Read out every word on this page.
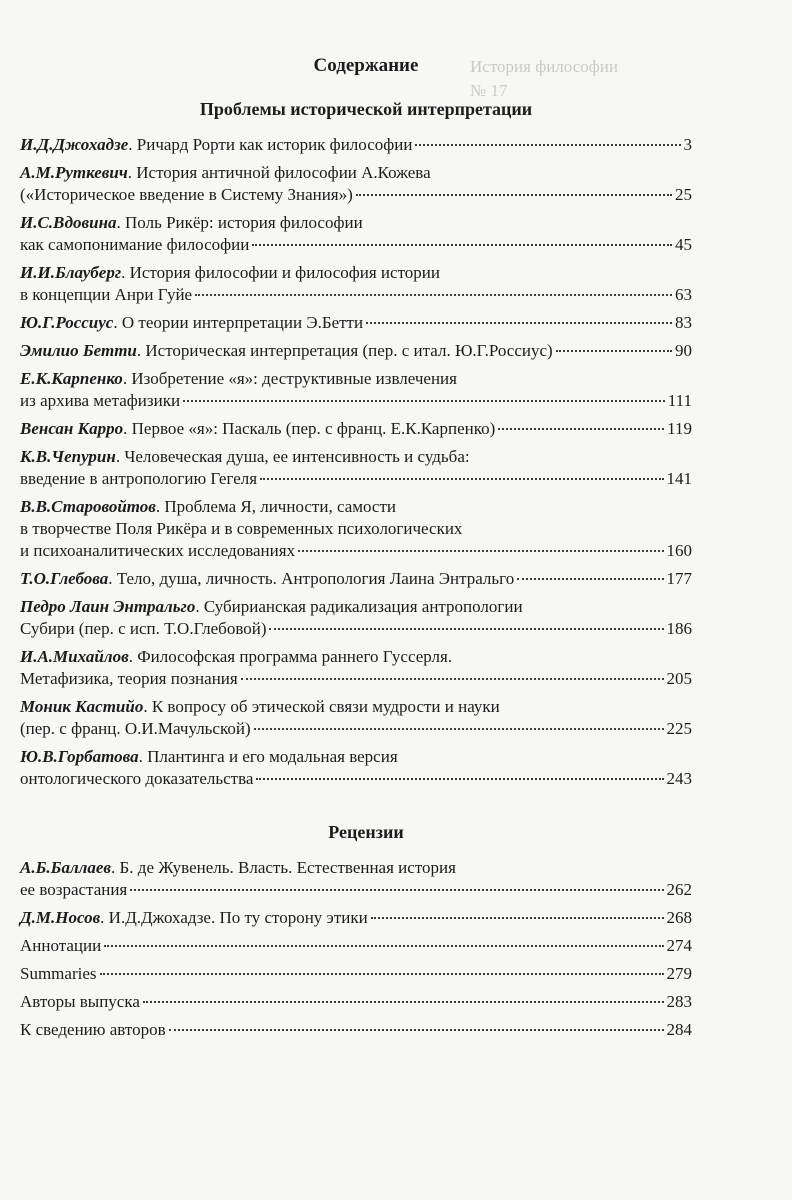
История философии
№ 17
Содержание
Проблемы исторической интерпретации
И.Д.Джохадзе. Ричард Рорти как историк философии	3
А.М.Руткевич. История античной философии А.Кожева
(«Историческое введение в Систему Знания»)	25
И.С.Вдовина. Поль Рикёр: история философии
как самопонимание философии	45
И.И.Блауберг. История философии и философия истории
в концепции Анри Гуйе	63
Ю.Г.Россиус. О теории интерпретации Э.Бетти	83
Эмилио Бетти. Историческая интерпретация (пер. с итал. Ю.Г.Россиус)	90
Е.К.Карпенко. Изобретение «я»: деструктивные извлечения
из архива метафизики	111
Венсан Карро. Первое «я»: Паскаль (пер. с франц. Е.К.Карпенко)	119
К.В.Чепурин. Человеческая душа, ее интенсивность и судьба:
введение в антропологию Гегеля	141
В.В.Старовойтов. Проблема Я, личности, самости
в творчестве Поля Рикёра и в современных психологических
и психоаналитических исследованиях	160
Т.О.Глебова. Тело, душа, личность. Антропология Лаина Энтральго	177
Педро Лаин Энтральго. Субирианская радикализация антропологии
Субири (пер. с исп. Т.О.Глебовой)	186
И.А.Михайлов. Философская программа раннего Гуссерля.
Метафизика, теория познания	205
Моник Кастийо. К вопросу об этической связи мудрости и науки
(пер. с франц. О.И.Мачульской)	225
Ю.В.Горбатова. Плантинга и его модальная версия
онтологического доказательства	243
Рецензии
А.Б.Баллаев. Б. де Жувенель. Власть. Естественная история
ее возрастания	262
Д.М.Носов. И.Д.Джохадзе. По ту сторону этики	268
Аннотации	274
Summaries	279
Авторы выпуска	283
К сведению авторов	284
